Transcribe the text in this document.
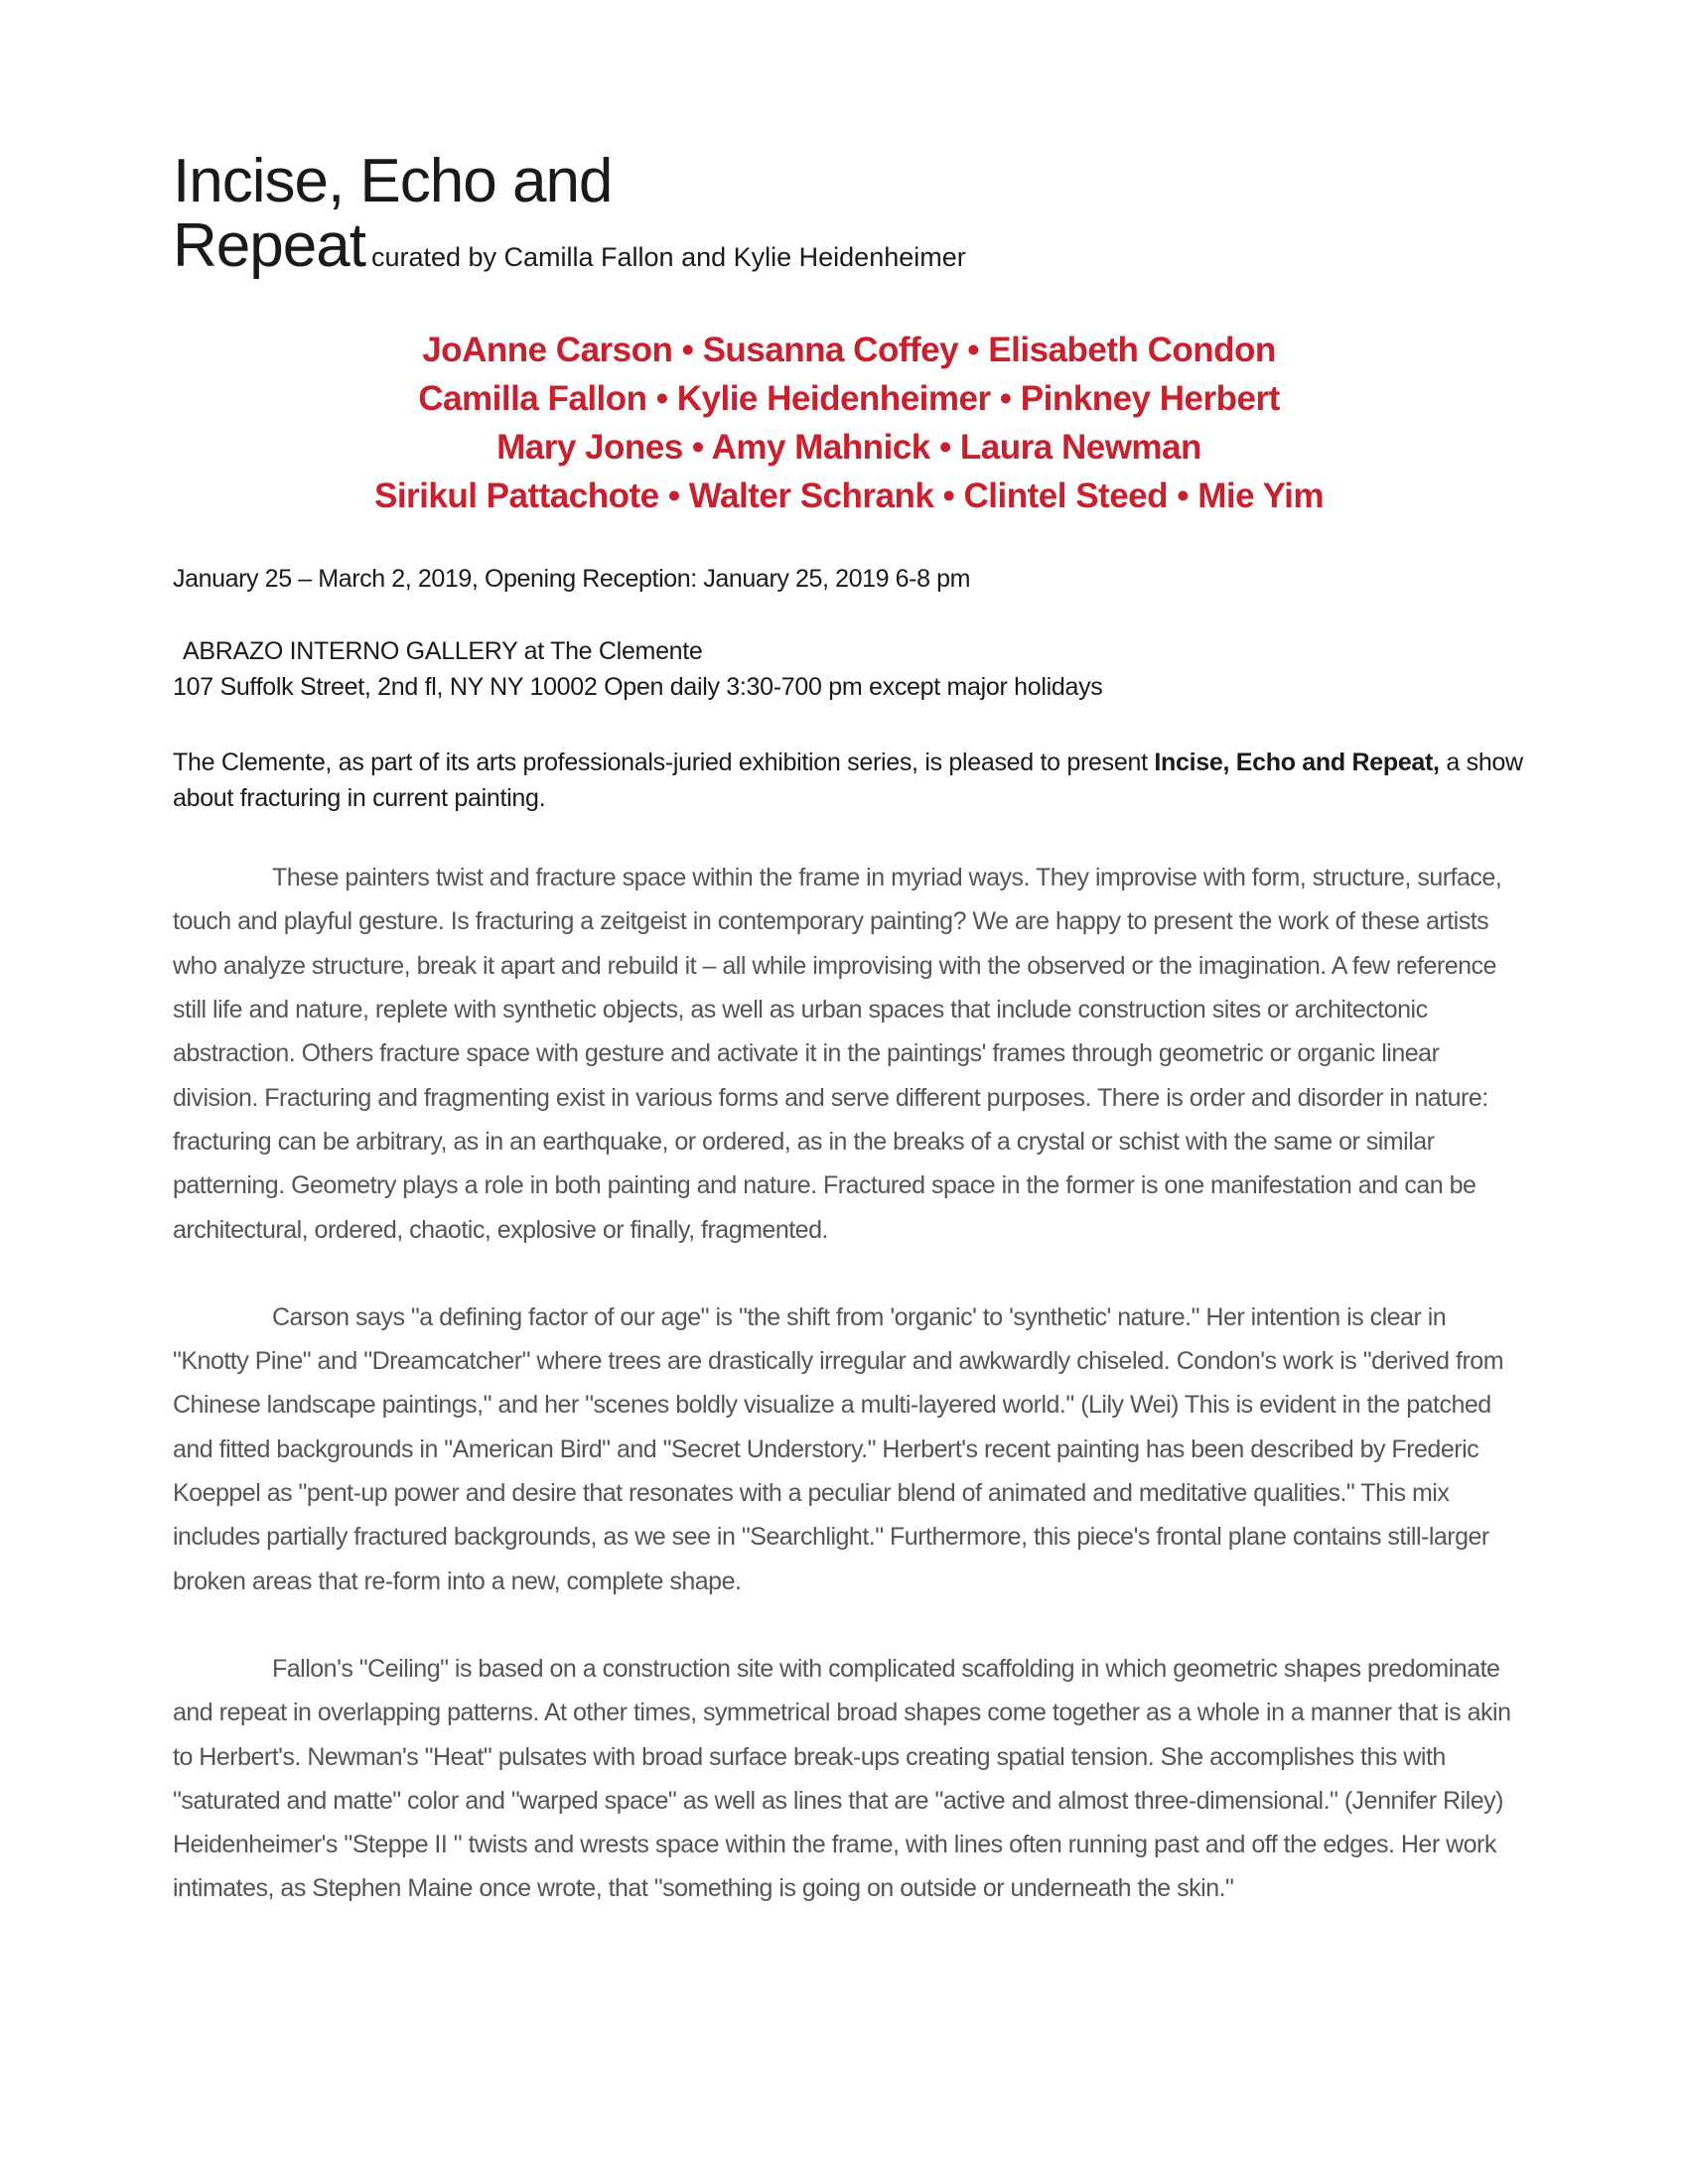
Incise, Echo and

Repeat curated by Camilla Fallon and Kylie Heidenheimer

JoAnne Carson • Susanna Coffey • Elisabeth Condon
Camilla Fallon • Kylie Heidenheimer • Pinkney Herbert
Mary Jones • Amy Mahnick • Laura Newman
Sirikul Pattachote • Walter Schrank • Clintel Steed • Mie Yim
January 25 – March 2, 2019, Opening Reception: January 25, 2019 6-8 pm
ABRAZO INTERNO GALLERY at The Clemente
107 Suffolk Street, 2nd fl, NY NY 10002 Open daily 3:30-700 pm except major holidays
The Clemente, as part of its arts professionals-juried exhibition series, is pleased to present Incise, Echo and Repeat, a show about fracturing in current painting.

These painters twist and fracture space within the frame in myriad ways. They improvise with form, structure, surface, touch and playful gesture. Is fracturing a zeitgeist in contemporary painting? We are happy to present the work of these artists who analyze structure, break it apart and rebuild it – all while improvising with the observed or the imagination. A few reference still life and nature, replete with synthetic objects, as well as urban spaces that include construction sites or architectonic abstraction. Others fracture space with gesture and activate it in the paintings' frames through geometric or organic linear division. Fracturing and fragmenting exist in various forms and serve different purposes. There is order and disorder in nature: fracturing can be arbitrary, as in an earthquake, or ordered, as in the breaks of a crystal or schist with the same or similar patterning. Geometry plays a role in both painting and nature. Fractured space in the former is one manifestation and can be architectural, ordered, chaotic, explosive or finally, fragmented.

Carson says "a defining factor of our age" is "the shift from 'organic' to 'synthetic' nature." Her intention is clear in "Knotty Pine" and "Dreamcatcher" where trees are drastically irregular and awkwardly chiseled. Condon's work is "derived from Chinese landscape paintings," and her "scenes boldly visualize a multi-layered world." (Lily Wei) This is evident in the patched and fitted backgrounds in "American Bird" and "Secret Understory." Herbert's recent painting has been described by Frederic Koeppel as "pent-up power and desire that resonates with a peculiar blend of animated and meditative qualities." This mix includes partially fractured backgrounds, as we see in "Searchlight." Furthermore, this piece's frontal plane contains still-larger broken areas that re-form into a new, complete shape.

Fallon's "Ceiling" is based on a construction site with complicated scaffolding in which geometric shapes predominate and repeat in overlapping patterns. At other times, symmetrical broad shapes come together as a whole in a manner that is akin to Herbert's. Newman's "Heat" pulsates with broad surface break-ups creating spatial tension. She accomplishes this with "saturated and matte" color and "warped space" as well as lines that are "active and almost three-dimensional." (Jennifer Riley) Heidenheimer's "Steppe II " twists and wrests space within the frame, with lines often running past and off the edges. Her work intimates, as Stephen Maine once wrote, that "something is going on outside or underneath the skin."
